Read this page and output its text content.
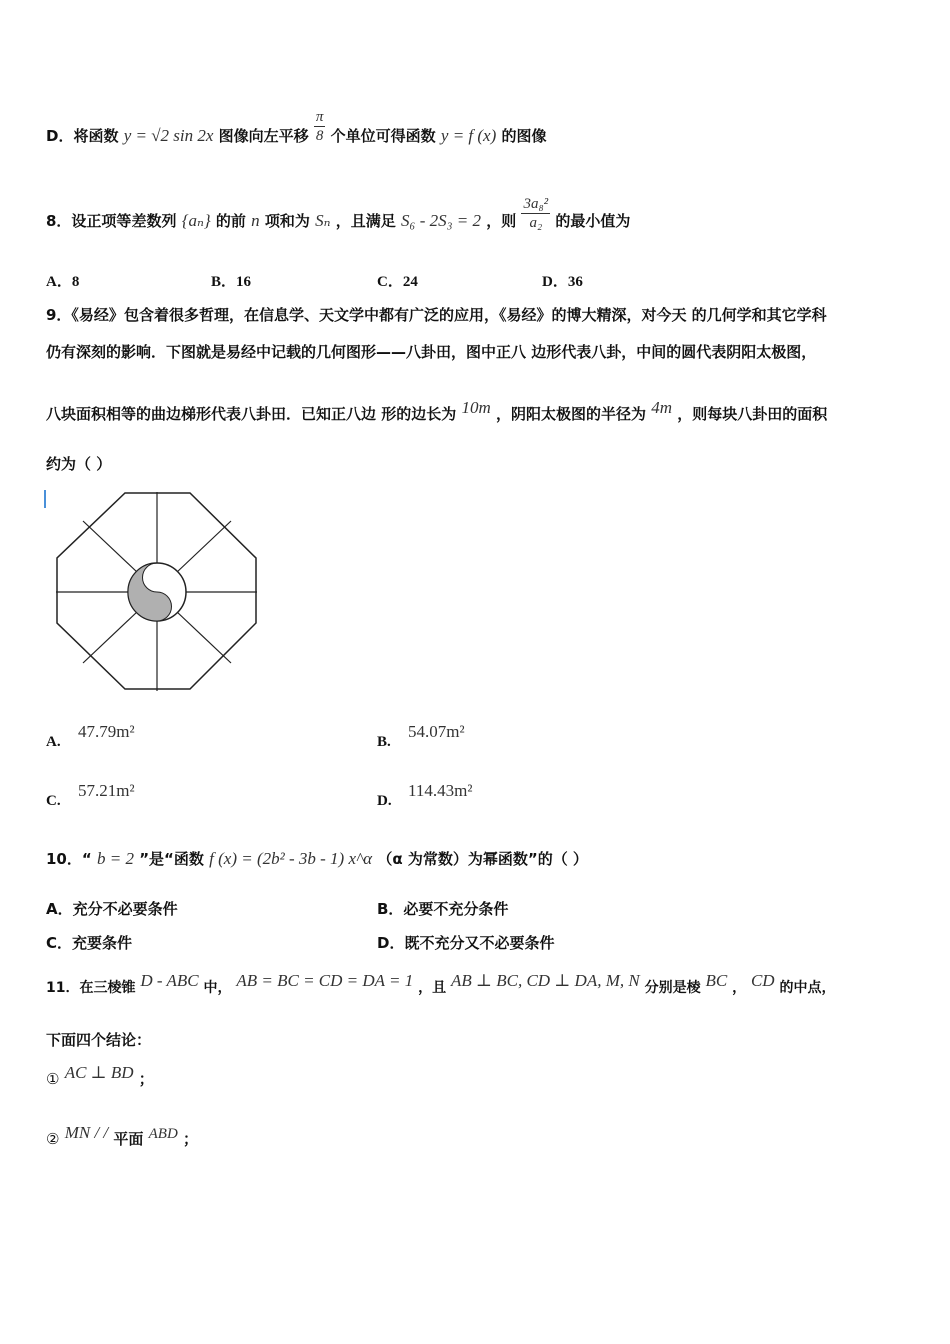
D．将函数 y = √2 sin 2x 图像向左平移 $\frac{\pi}{8}$ 个单位可得函数 y = f (x) 的图像
8．设正项等差数列 {aₙ} 的前 n 项和为 Sₙ ，且满足 S₆ - 2S₃ = 2 ，则 $\frac{\text{3a₈²}}{\text{a₂}}$ 的最小值为
A．8	B．16	C．24	D．36
9．《易经》包含着很多哲理，在信息学、天文学中都有广泛的应用，《易经》的博大精深，对今天 的几何学和其它学科
仍有深刻的影响．下图就是易经中记载的几何图形——八卦田，图中正八 边形代表八卦，中间的圆代表阴阳太极图，
八块面积相等的曲边梯形代表八卦田．已知正八边 形的边长为 10m ，阴阳太极图的半径为 4m ，则每块八卦田的面积
约为（ ）
A.
47.79m²
B.
54.07m²
C.
57.21m²
D.
114.43m²
10．“ b = 2 ”是“函数 f (x) = (2b² - 3b - 1) x^α （α 为常数）为幂函数”的（ ）
A．充分不必要条件	B．必要不充分条件
C．充要条件	D．既不充分又不必要条件
11．在三棱锥 D - ABC 中， AB = BC = CD = DA = 1 ，且 AB ⊥ BC, CD ⊥ DA, M, N 分别是棱 BC ， CD 的中点，
下面四个结论：
① AC ⊥ BD ；
② MN / / 平面 ABD ；
